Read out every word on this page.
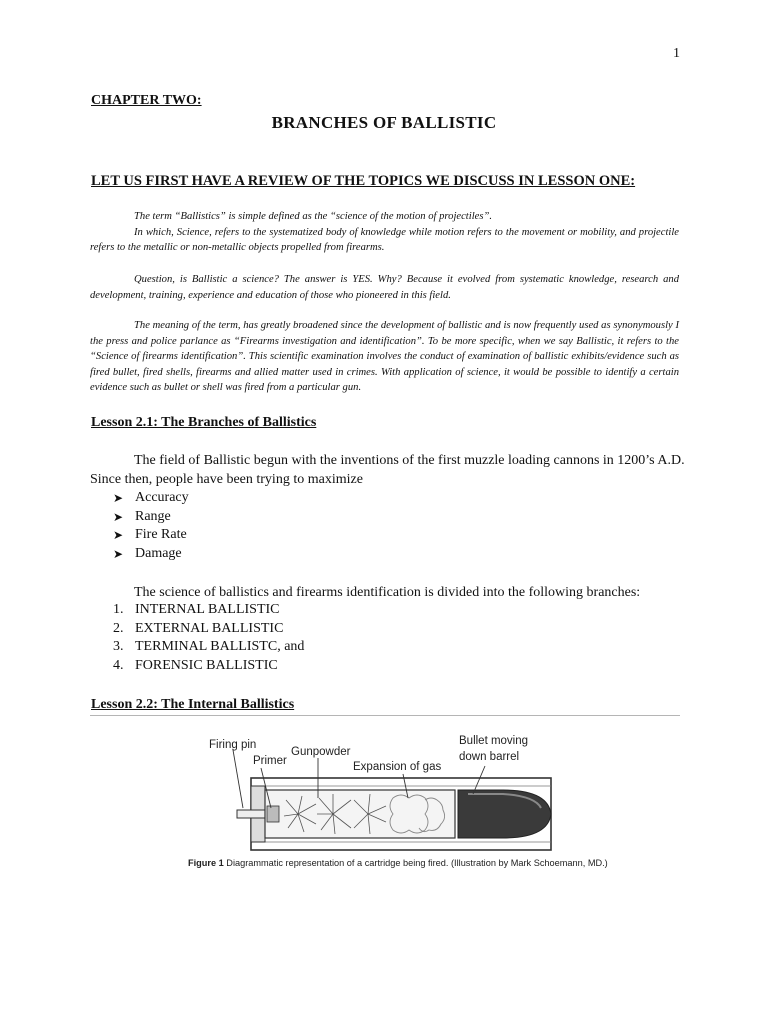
1
CHAPTER TWO:
BRANCHES OF BALLISTIC
LET US FIRST HAVE A REVIEW OF THE TOPICS WE DISCUSS IN LESSON ONE:

The term “Ballistics” is simple defined as the “science of the motion of projectiles”.

In which, Science, refers to the systematized body of knowledge while motion refers to the movement or mobility, and projectile refers to the metallic or non-metallic objects propelled from firearms.

Question, is Ballistic a science? The answer is YES. Why? Because it evolved from systematic knowledge, research and development, training, experience and education of those who pioneered in this field.

The meaning of the term, has greatly broadened since the development of ballistic and is now frequently used as synonymously I the press and police parlance as “Firearms investigation and identification”. To be more specific, when we say Ballistic, it refers to the “Science of firearms identification”. This scientific examination involves the conduct of examination of ballistic exhibits/evidence such as fired bullet, fired shells, firearms and allied matter used in crimes. With application of science, it would be possible to identify a certain evidence such as bullet or shell was fired from a particular gun.

Lesson 2.1: The Branches of Ballistics

The field of Ballistic begun with the inventions of the first muzzle loading cannons in 1200’s A.D. Since then, people have been trying to maximize

➤ Accuracy
➤ Range
➤ Fire Rate
➤ Damage

The science of ballistics and firearms identification is divided into the following branches:

1. INTERNAL BALLISTIC
2. EXTERNAL BALLISTIC
3. TERMINAL BALLISTC, and
4. FORENSIC BALLISTIC
Lesson 2.2: The Internal Ballistics
Firing pin
Primer
Gunpowder
Expansion of gas
Bullet moving
down barrel
Figure 1 Diagrammatic representation of a cartridge being fired. (Illustration by Mark Schoemann, MD.)
